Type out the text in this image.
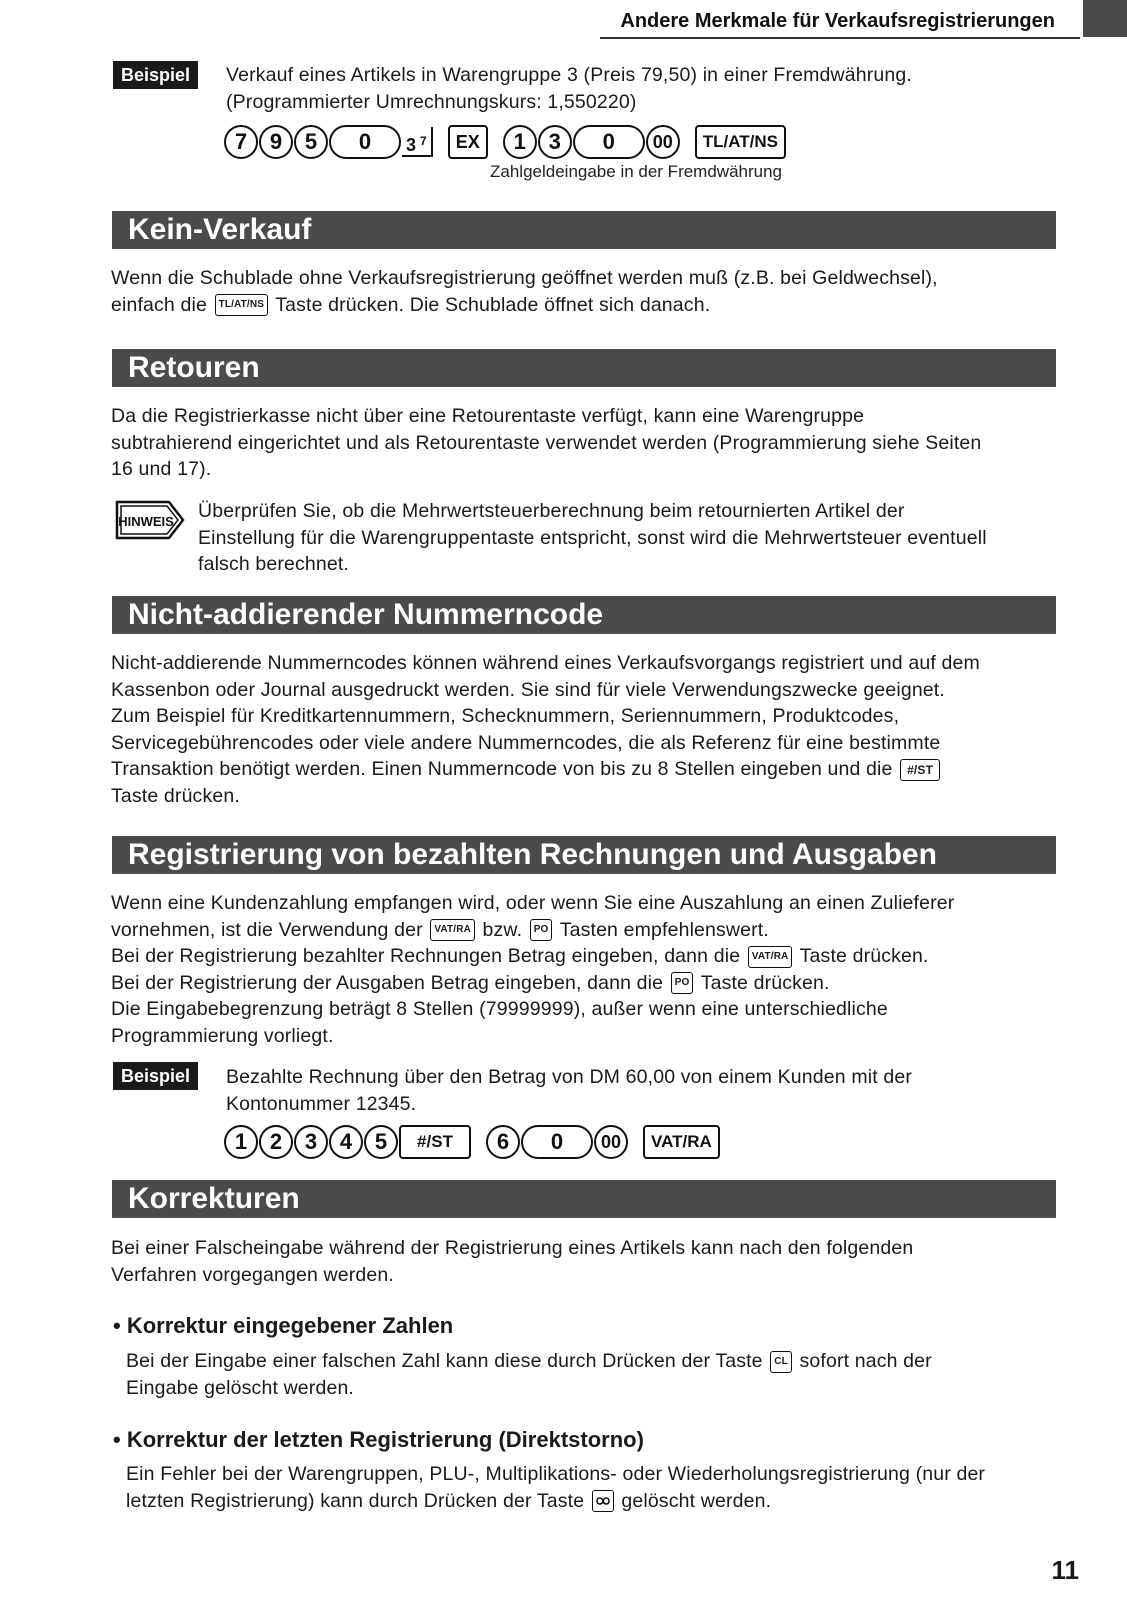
Andere Merkmale für Verkaufsregistrierungen
Beispiel	Verkauf eines Artikels in Warengruppe 3 (Preis 79,50) in einer Fremdwährung.
(Programmierter Umrechnungskurs: 1,550220)
7	9	5	0	3 $^7$	EX	1	3	0	00	TL/AT/NS
Zahlgeldeingabe in der Fremdwährung
Kein-Verkauf
Wenn die Schublade ohne Verkaufsregistrierung geöffnet werden muß (z.B. bei Geldwechsel),
einfach die TL/AT/NS Taste drücken. Die Schublade öffnet sich danach.
Retouren
Da die Registrierkasse nicht über eine Retourentaste verfügt, kann eine Warengruppe
subtrahierend eingerichtet und als Retourentaste verwendet werden (Programmierung siehe Seiten
16 und 17).
HINWEIS Überprüfen Sie, ob die Mehrwertsteuerberechnung beim retournierten Artikel der
Einstellung für die Warengruppentaste entspricht, sonst wird die Mehrwertsteuer eventuell
falsch berechnet.
Nicht-addierender Nummerncode
Nicht-addierende Nummerncodes können während eines Verkaufsvorgangs registriert und auf dem
Kassenbon oder Journal ausgedruckt werden. Sie sind für viele Verwendungszwecke geeignet.
Zum Beispiel für Kreditkartennummern, Schecknummern, Seriennummern, Produktcodes,
Servicegebührencodes oder viele andere Nummerncodes, die als Referenz für eine bestimmte
Transaktion benötigt werden. Einen Nummerncode von bis zu 8 Stellen eingeben und die #/ST
Taste drücken.
Registrierung von bezahlten Rechnungen und Ausgaben
Wenn eine Kundenzahlung empfangen wird, oder wenn Sie eine Auszahlung an einen Zulieferer
vornehmen, ist die Verwendung der VAT/RA bzw. PO Tasten empfehlenswert.
Bei der Registrierung bezahlter Rechnungen Betrag eingeben, dann die VAT/RA Taste drücken.
Bei der Registrierung der Ausgaben Betrag eingeben, dann die PO Taste drücken.
Die Eingabebegrenzung beträgt 8 Stellen (79999999), außer wenn eine unterschiedliche
Programmierung vorliegt.
Beispiel	Bezahlte Rechnung über den Betrag von DM 60,00 von einem Kunden mit der
Kontonummer 12345.
1	2	3	4	5	#/ST	6	0	00	VAT/RA
Korrekturen
Bei einer Falscheingabe während der Registrierung eines Artikels kann nach den folgenden
Verfahren vorgegangen werden.
• Korrektur eingegebener Zahlen
Bei der Eingabe einer falschen Zahl kann diese durch Drücken der Taste CL sofort nach der
Eingabe gelöscht werden.
• Korrektur der letzten Registrierung (Direktstorno)
Ein Fehler bei der Warengruppen, PLU-, Multiplikations- oder Wiederholungsregistrierung (nur der
letzten Registrierung) kann durch Drücken der Taste gelöscht werden.
11
